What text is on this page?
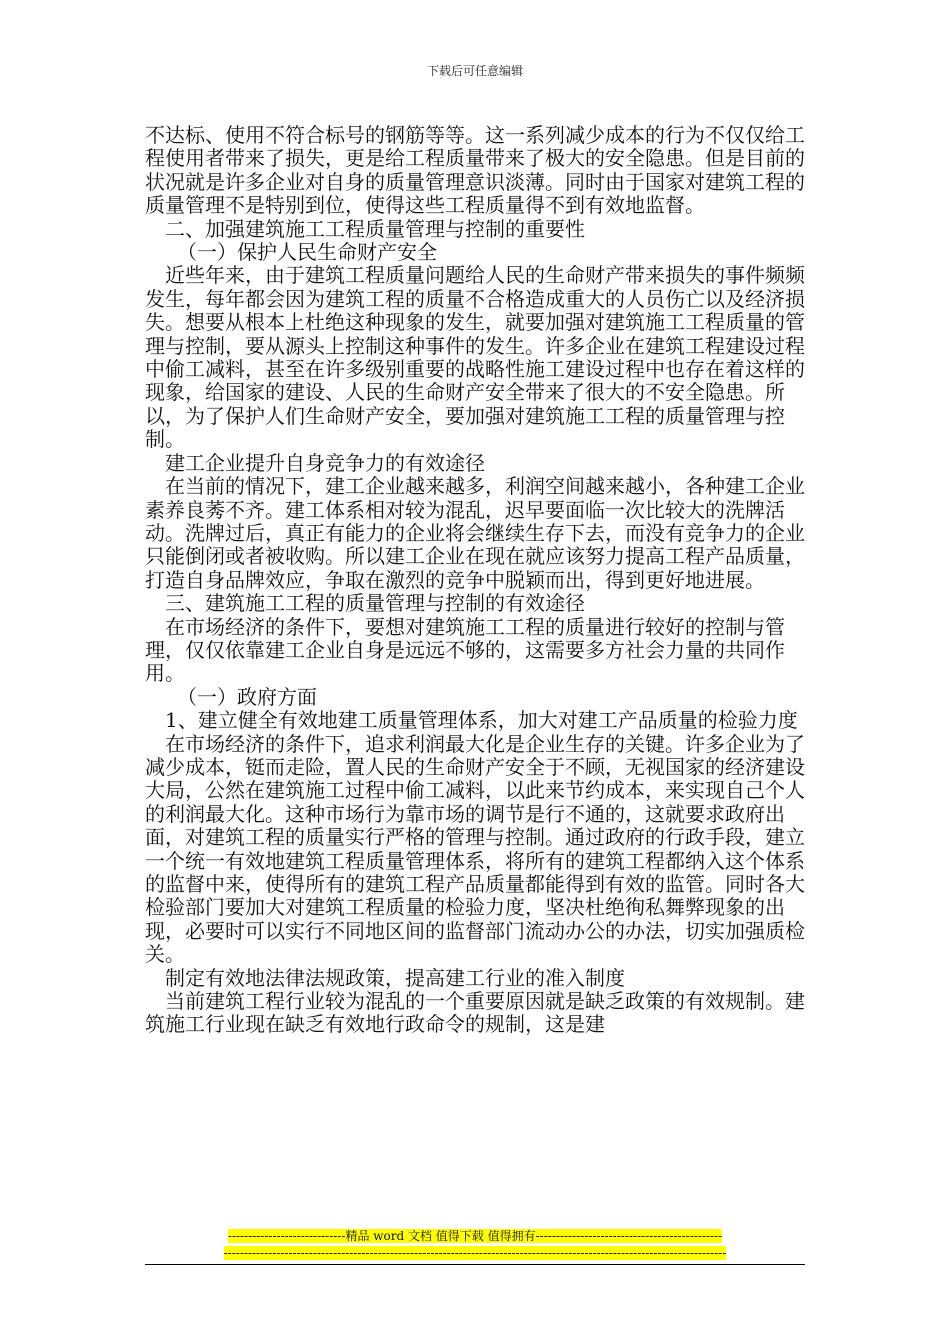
下载后可任意编辑

不达标、使用不符合标号的钢筋等等。这一系列减少成本的行为不仅仅给工程使用者带来了损失，更是给工程质量带来了极大的安全隐患。但是目前的状况就是许多企业对自身的质量管理意识淡薄。同时由于国家对建筑工程的质量管理不是特别到位，使得这些工程质量得不到有效地监督。

二、加强建筑施工工程质量管理与控制的重要性

（一）保护人民生命财产安全

近些年来，由于建筑工程质量问题给人民的生命财产带来损失的事件频频发生，每年都会因为建筑工程的质量不合格造成重大的人员伤亡以及经济损失。想要从根本上杜绝这种现象的发生，就要加强对建筑施工工程质量的管理与控制，要从源头上控制这种事件的发生。许多企业在建筑工程建设过程中偷工减料，甚至在许多级别重要的战略性施工建设过程中也存在着这样的现象，给国家的建设、人民的生命财产安全带来了很大的不安全隐患。所以，为了保护人们生命财产安全，要加强对建筑施工工程的质量管理与控制。

建工企业提升自身竞争力的有效途径

在当前的情况下，建工企业越来越多，利润空间越来越小，各种建工企业素养良莠不齐。建工体系相对较为混乱，迟早要面临一次比较大的洗牌活动。洗牌过后，真正有能力的企业将会继续生存下去，而没有竞争力的企业只能倒闭或者被收购。所以建工企业在现在就应该努力提高工程产品质量，打造自身品牌效应，争取在激烈的竞争中脱颖而出，得到更好地进展。

三、建筑施工工程的质量管理与控制的有效途径

在市场经济的条件下，要想对建筑施工工程的质量进行较好的控制与管理，仅仅依靠建工企业自身是远远不够的，这需要多方社会力量的共同作用。

（一）政府方面

1、建立健全有效地建工质量管理体系，加大对建工产品质量的检验力度

在市场经济的条件下，追求利润最大化是企业生存的关键。许多企业为了减少成本，铤而走险，置人民的生命财产安全于不顾，无视国家的经济建设大局，公然在建筑施工过程中偷工减料，以此来节约成本，来实现自己个人的利润最大化。这种市场行为靠市场的调节是行不通的，这就要求政府出面，对建筑工程的质量实行严格的管理与控制。通过政府的行政手段，建立一个统一有效地建筑工程质量管理体系，将所有的建筑工程都纳入这个体系的监督中来，使得所有的建筑工程产品质量都能得到有效的监管。同时各大检验部门要加大对建筑工程质量的检验力度，坚决杜绝徇私舞弊现象的出现，必要时可以实行不同地区间的监督部门流动办公的办法，切实加强质检关。

制定有效地法律法规政策，提高建工行业的准入制度

当前建筑工程行业较为混乱的一个重要原因就是缺乏政策的有效规制。建筑施工行业现在缺乏有效地行政命令的规制，这是建

-----------------------------精品 word 文档 值得下载 值得拥有----------------------------------------------
----------------------------------------------------------------------------------------------------------------------------
